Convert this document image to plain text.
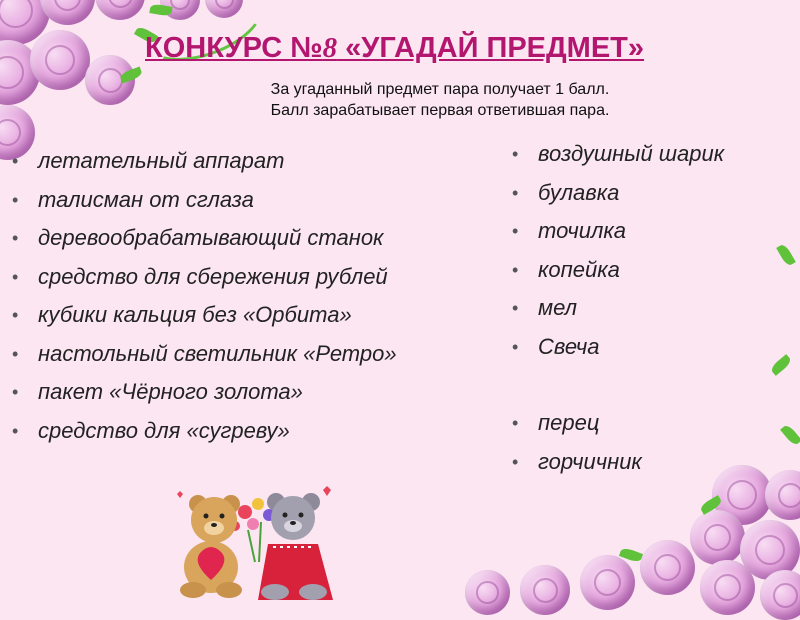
КОНКУРС №8 «УГАДАЙ ПРЕДМЕТ»
За угаданный предмет пара получает 1 балл.
Балл зарабатывает первая ответившая пара.
• летательный аппарат
• талисман от сглаза
• деревообрабатывающий станок
• средство для сбережения рублей
• кубики кальция без «Орбита»
• настольный светильник «Ретро»
• пакет «Чёрного золота»
• средство для «сугреву»
• воздушный шарик
• булавка
• точилка
• копейка
• мел
• Свеча
• перец
• горчичник
